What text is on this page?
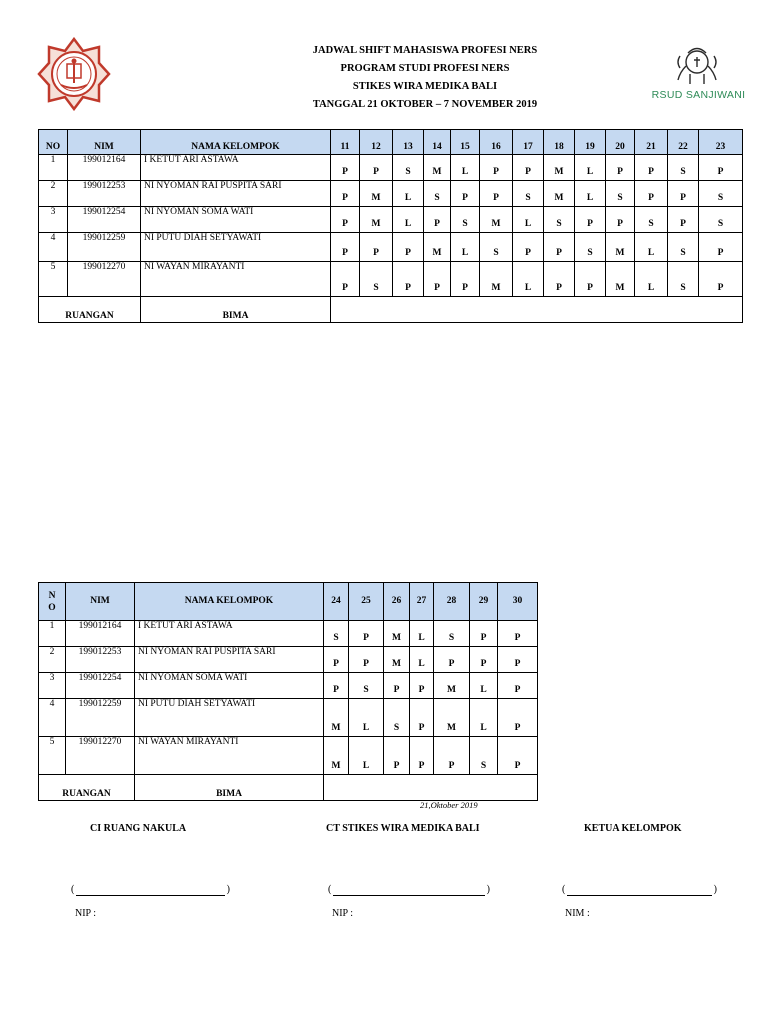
JADWAL SHIFT MAHASISWA PROFESI NERS
PROGRAM STUDI PROFESI NERS
STIKES WIRA MEDIKA BALI
TANGGAL 21 OKTOBER – 7 NOVEMBER 2019
RSUD SANJIWANI
NO	NIM	NAMA KELOMPOK	11	12	13	14	15	16	17	18	19	20	21	22	23
1	199012164	I KETUT ARI ASTAWA	P	P	S	M	L	P	P	M	L	P	P	S	P
2	199012253	NI NYOMAN RAI PUSPITA SARI	P	M	L	S	P	P	S	M	L	S	P	P	S
3	199012254	NI NYOMAN SOMA WATI	P	M	L	P	S	M	L	S	P	P	S	P	S
4	199012259	NI PUTU DIAH SETYAWATI	P	P	P	M	L	S	P	P	S	M	L	S	P
5	199012270	NI WAYAN MIRAYANTI	P	S	P	P	P	M	L	P	P	M	L	S	P
RUANGAN		BIMA													
N O	NIM	NAMA KELOMPOK	24	25	26	27	28	29	30
1	199012164	I KETUT ARI ASTAWA	S	P	M	L	S	P	P
2	199012253	NI NYOMAN RAI PUSPITA SARI	P	P	M	L	P	P	P
3	199012254	NI NYOMAN SOMA WATI	P	S	P	P	M	L	P
4	199012259	NI PUTU DIAH SETYAWATI	M	L	S	P	M	L	P
5	199012270	NI WAYAN MIRAYANTI	M	L	P	P	P	S	P
RUANGAN		BIMA							
21,Oktober 2019
CI RUANG NAKULA	CT STIKES WIRA MEDIKA BALI	KETUA KELOMPOK
(	)	(	)	(	)
NIP :	NIP :	NIM :
